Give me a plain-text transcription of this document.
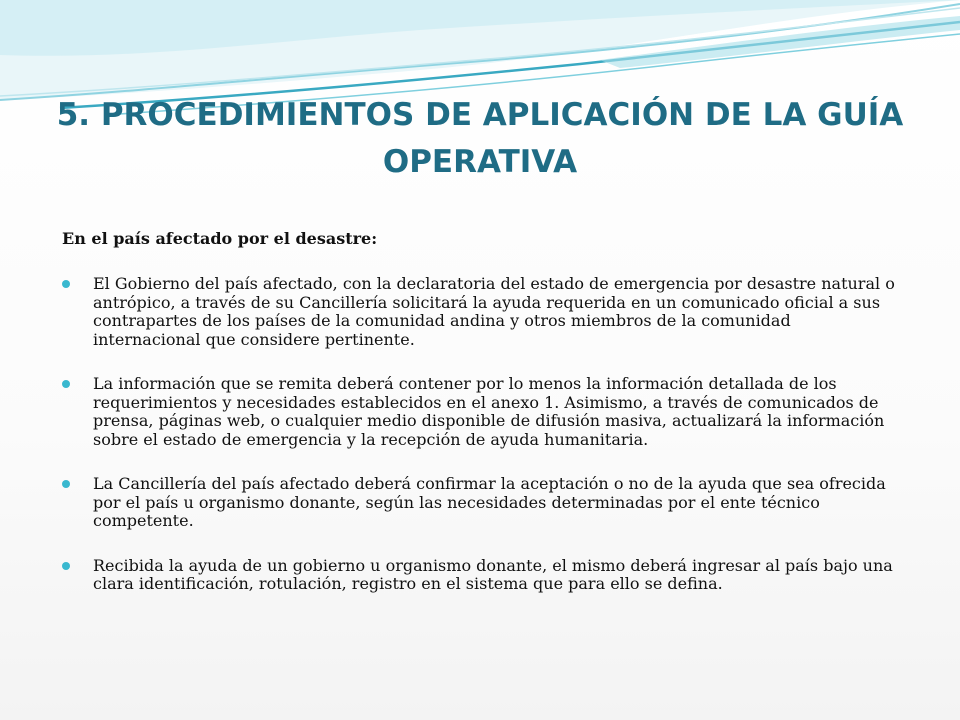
5. PROCEDIMIENTOS DE APLICACIÓN DE LA GUÍA OPERATIVA

En el país afectado por el desastre:

El Gobierno del país afectado, con la declaratoria del estado de emergencia por desastre natural o antrópico, a través de su Cancillería solicitará la ayuda requerida en un comunicado oficial a sus contrapartes de los países de la comunidad andina y otros miembros de la comunidad internacional que considere pertinente.
La información que se remita deberá contener por lo menos la información detallada de los requerimientos y necesidades establecidos en el anexo 1. Asimismo, a través de comunicados de prensa, páginas web, o cualquier medio disponible de difusión masiva, actualizará la información sobre el estado de emergencia y la recepción de ayuda humanitaria.
La Cancillería del país afectado deberá confirmar la aceptación o no de la ayuda que sea ofrecida por el país u organismo donante, según las necesidades determinadas por el ente técnico competente.
Recibida la ayuda de un gobierno u organismo donante, el mismo deberá ingresar al país bajo una clara identificación, rotulación, registro en el sistema que para ello se defina.
